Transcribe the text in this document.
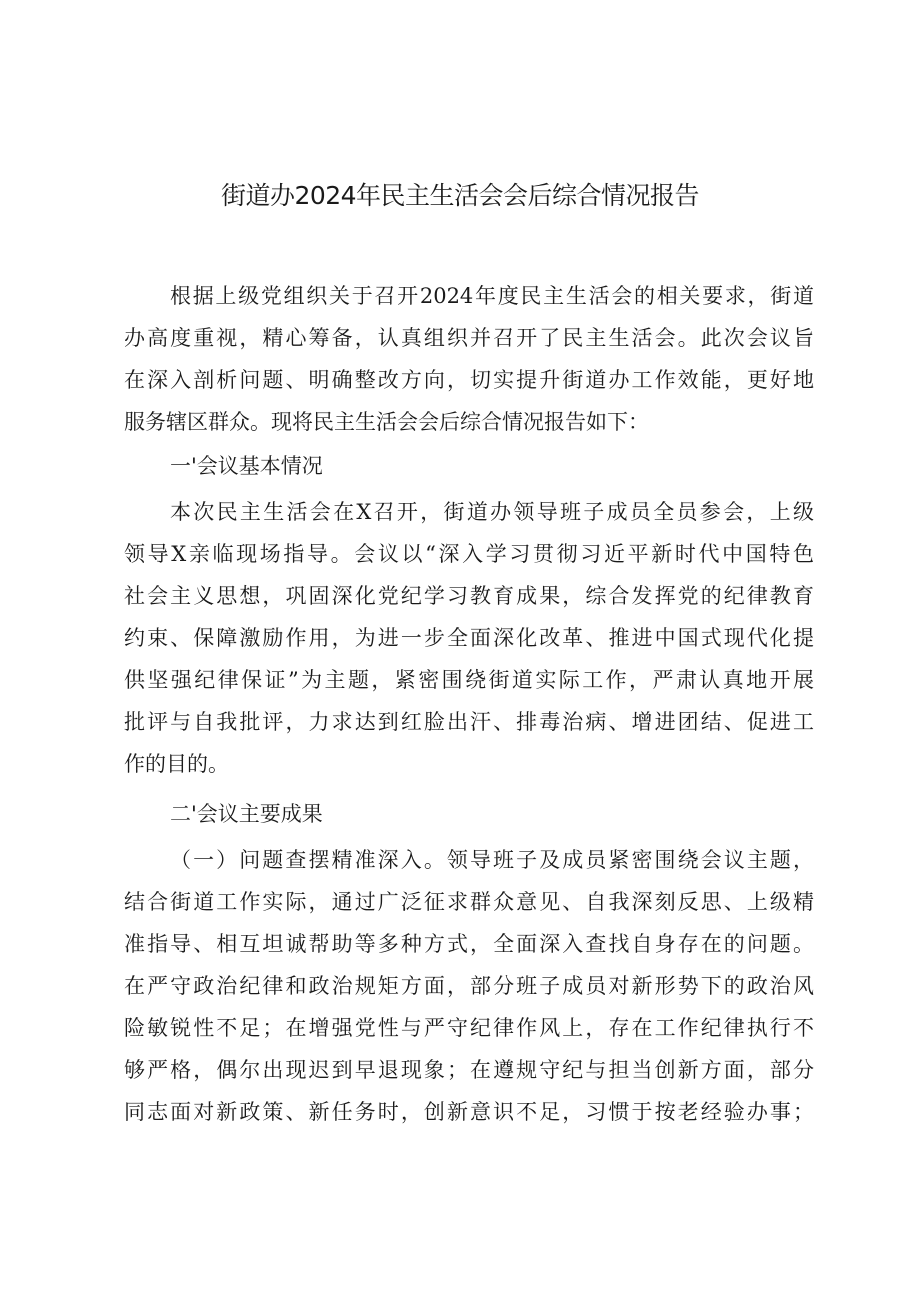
街道办2024年民主生活会会后综合情况报告
根据上级党组织关于召开2024年度民主生活会的相关要求，街道
办高度重视，精心筹备，认真组织并召开了民主生活会。此次会议旨
在深入剖析问题、明确整改方向，切实提升街道办工作效能，更好地
服务辖区群众。现将民主生活会会后综合情况报告如下：
一'会议基本情况
本次民主生活会在X召开，街道办领导班子成员全员参会，上级
领导X亲临现场指导。会议以“深入学习贯彻习近平新时代中国特色
社会主义思想，巩固深化党纪学习教育成果，综合发挥党的纪律教育
约束、保障激励作用，为进一步全面深化改革、推进中国式现代化提
供坚强纪律保证”为主题，紧密围绕街道实际工作，严肃认真地开展
批评与自我批评，力求达到红脸出汗、排毒治病、增进团结、促进工
作的目的。
二'会议主要成果
（一）问题查摆精准深入。领导班子及成员紧密围绕会议主题，
结合街道工作实际，通过广泛征求群众意见、自我深刻反思、上级精
准指导、相互坦诚帮助等多种方式，全面深入查找自身存在的问题。
在严守政治纪律和政治规矩方面，部分班子成员对新形势下的政治风
险敏锐性不足；在增强党性与严守纪律作风上，存在工作纪律执行不
够严格，偶尔出现迟到早退现象；在遵规守纪与担当创新方面，部分
同志面对新政策、新任务时，创新意识不足，习惯于按老经验办事；
